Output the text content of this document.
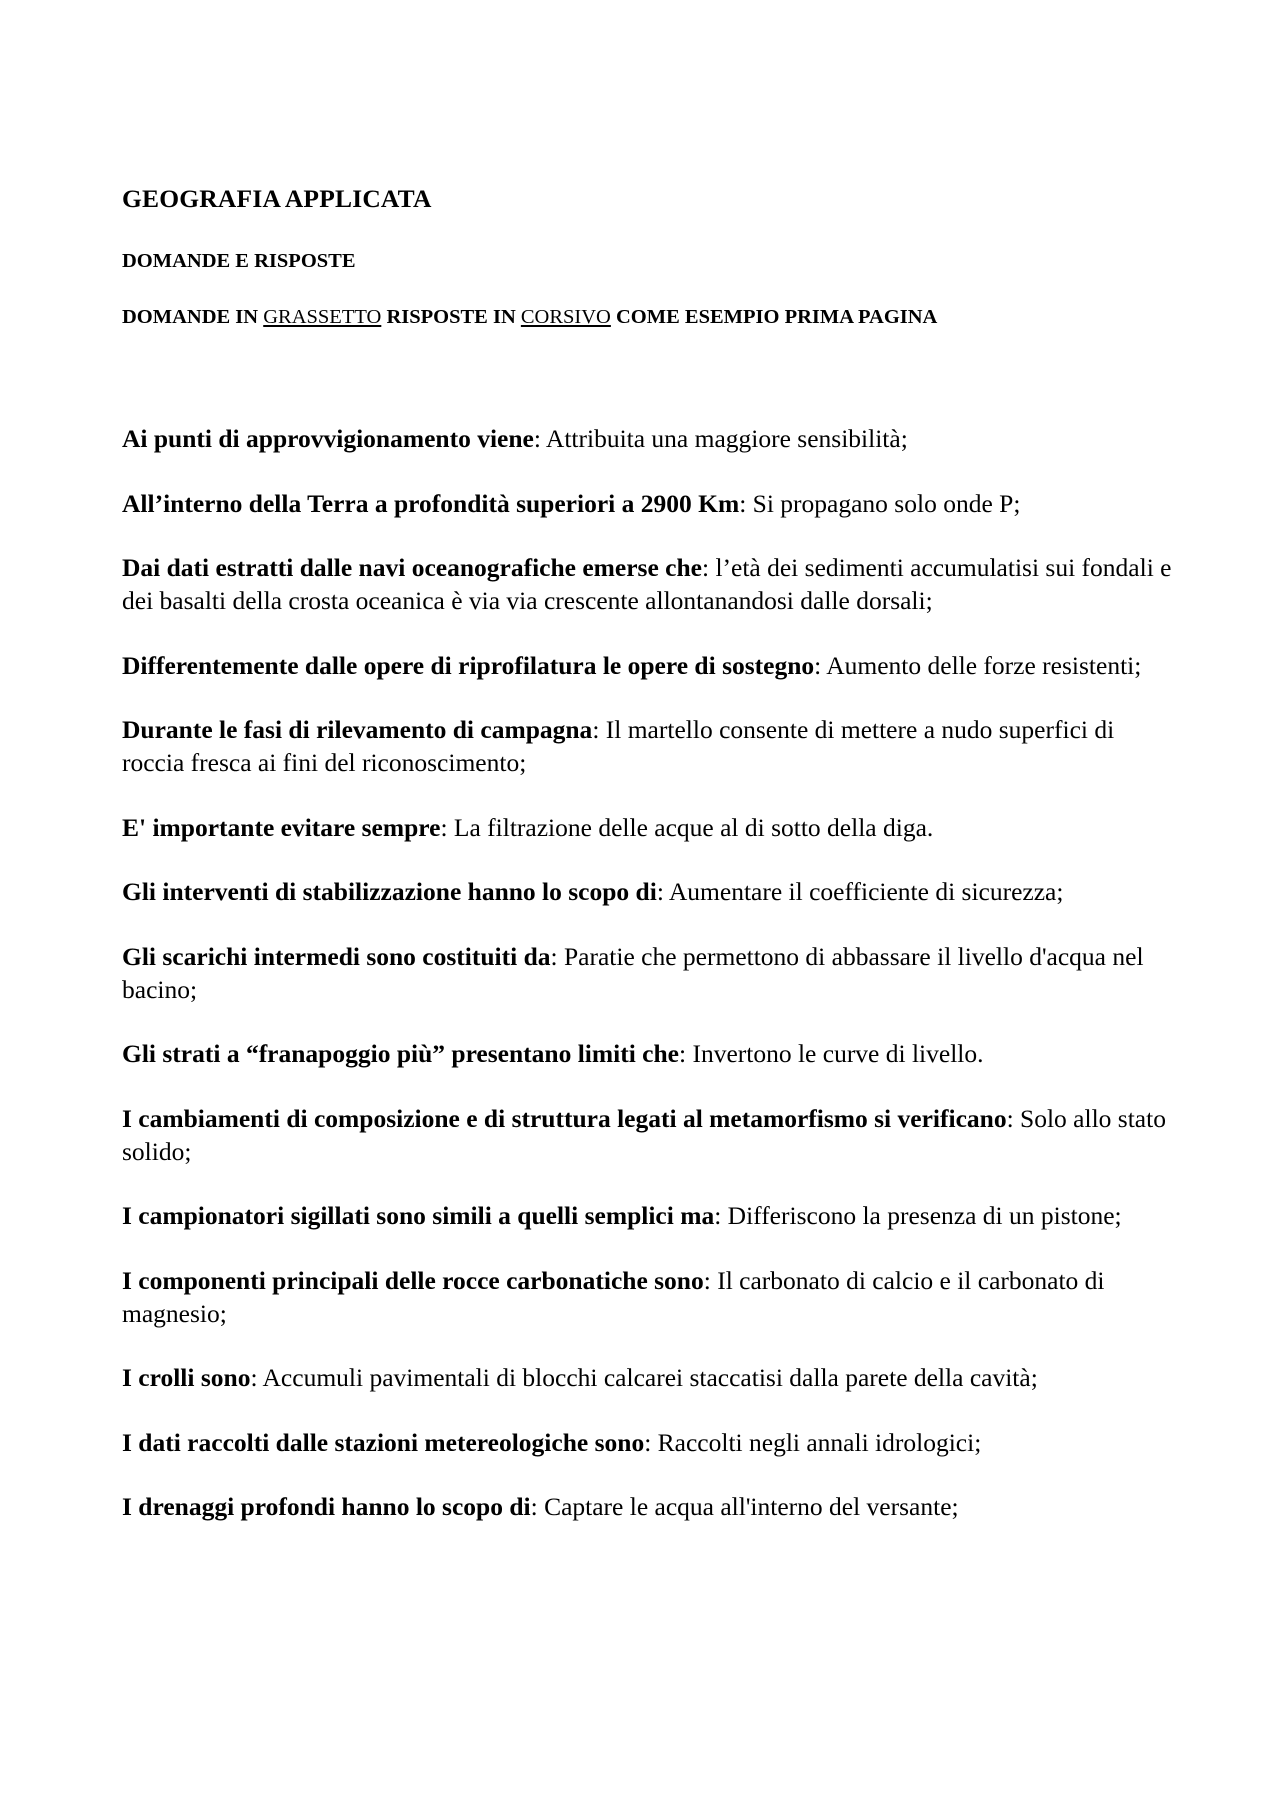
GEOGRAFIA APPLICATA
DOMANDE E RISPOSTE
DOMANDE IN GRASSETTO RISPOSTE IN CORSIVO COME ESEMPIO PRIMA PAGINA

Ai punti di approvvigionamento viene: Attribuita una maggiore sensibilità;

All’interno della Terra a profondità superiori a 2900 Km: Si propagano solo onde P;

Dai dati estratti dalle navi oceanografiche emerse che: l’età dei sedimenti accumulatisi sui fondali e dei basalti della crosta oceanica è via via crescente allontanandosi dalle dorsali;

Differentemente dalle opere di riprofilatura le opere di sostegno: Aumento delle forze resistenti;

Durante le fasi di rilevamento di campagna: Il martello consente di mettere a nudo superfici di roccia fresca ai fini del riconoscimento;

E' importante evitare sempre: La filtrazione delle acque al di sotto della diga.

Gli interventi di stabilizzazione hanno lo scopo di: Aumentare il coefficiente di sicurezza;

Gli scarichi intermedi sono costituiti da: Paratie che permettono di abbassare il livello d'acqua nel bacino;

Gli strati a “franapoggio più” presentano limiti che: Invertono le curve di livello.

I cambiamenti di composizione e di struttura legati al metamorfismo si verificano: Solo allo stato solido;

I campionatori sigillati sono simili a quelli semplici ma: Differiscono la presenza di un pistone;

I componenti principali delle rocce carbonatiche sono: Il carbonato di calcio e il carbonato di magnesio;

I crolli sono: Accumuli pavimentali di blocchi calcarei staccatisi dalla parete della cavità;

I dati raccolti dalle stazioni metereologiche sono: Raccolti negli annali idrologici;

I drenaggi profondi hanno lo scopo di: Captare le acqua all'interno del versante;
